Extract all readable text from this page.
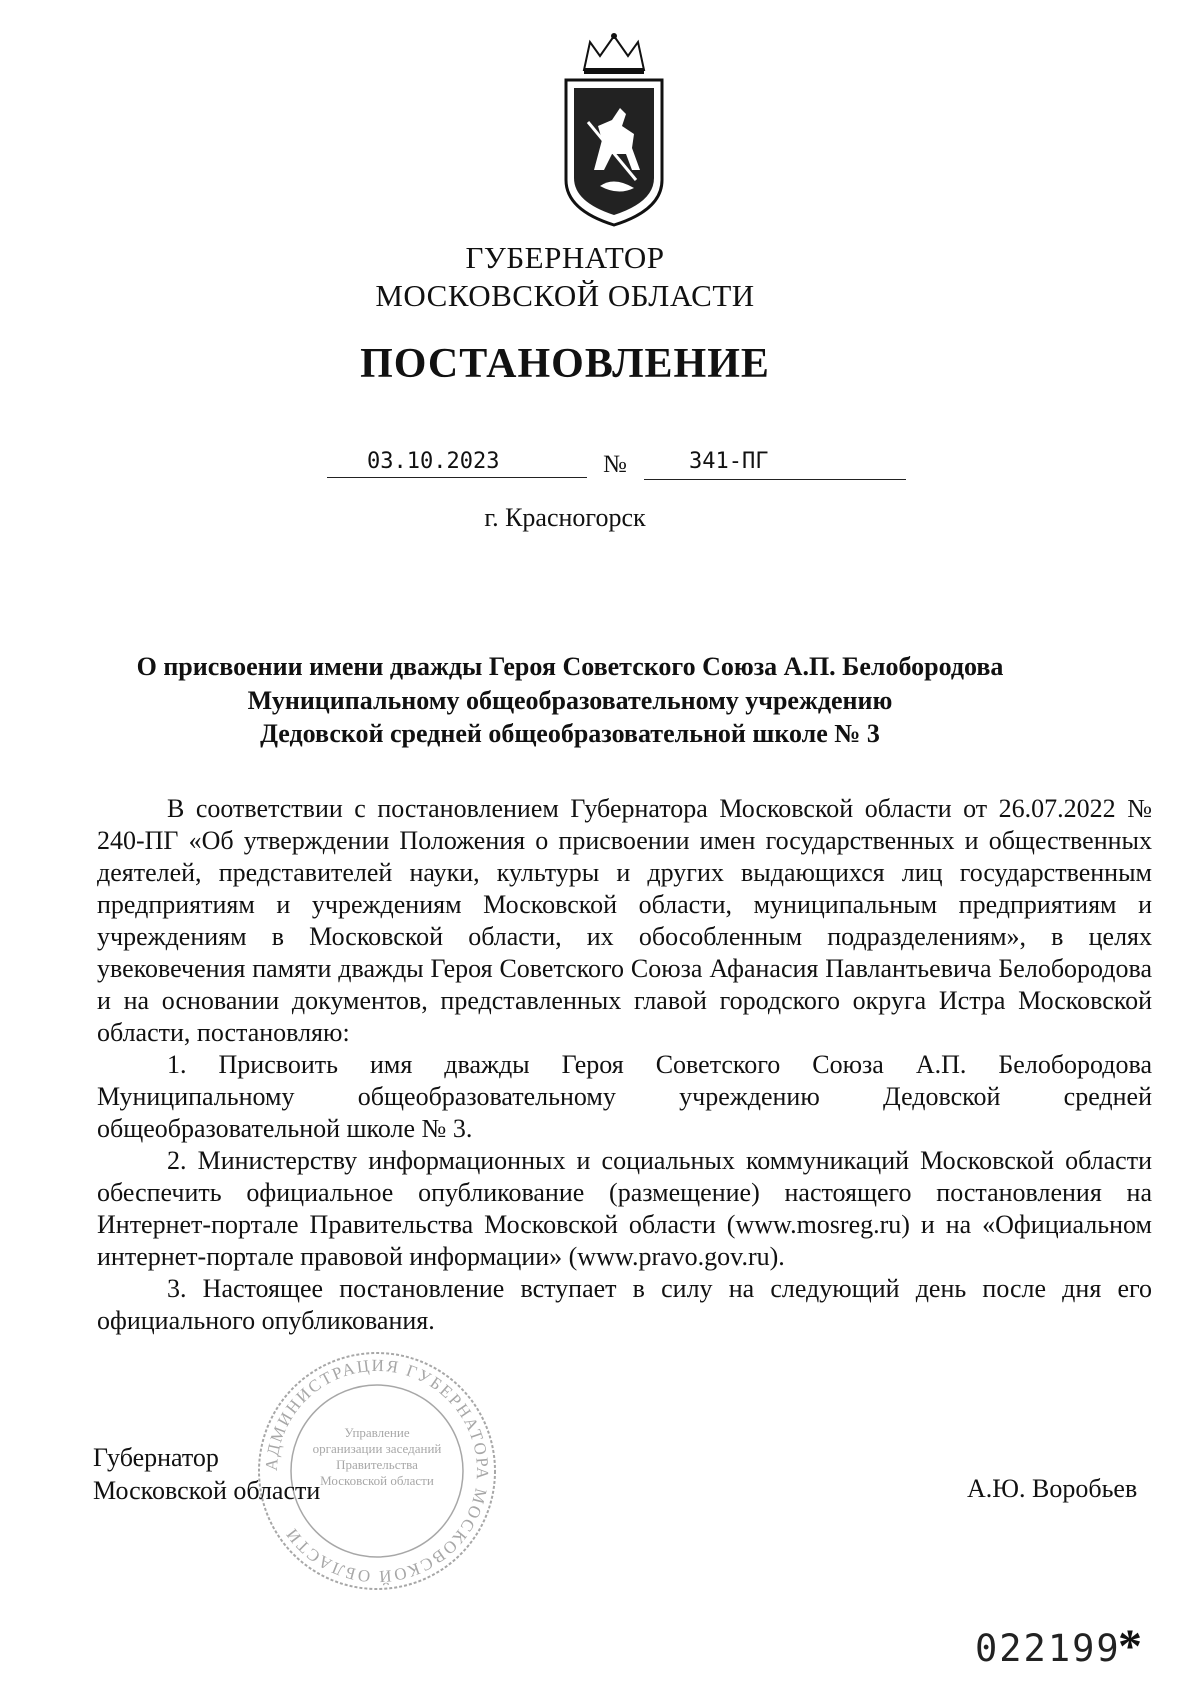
ГУБЕРНАТОР
МОСКОВСКОЙ ОБЛАСТИ
ПОСТАНОВЛЕНИЕ
03.10.2023	№	341-ПГ
г. Красногорск
О присвоении имени дважды Героя Советского Союза А.П. Белобородова
Муниципальному общеобразовательному учреждению
Дедовской средней общеобразовательной школе № 3

В соответствии с постановлением Губернатора Московской области от 26.07.2022 № 240-ПГ «Об утверждении Положения о присвоении имен государственных и общественных деятелей, представителей науки, культуры и других выдающихся лиц государственным предприятиям и учреждениям Московской области, муниципальным предприятиям и учреждениям в Московской области, их обособленным подразделениям», в целях увековечения памяти дважды Героя Советского Союза Афанасия Павлантьевича Белобородова и на основании документов, представленных главой городского округа Истра Московской области, постановляю:

1. Присвоить имя дважды Героя Советского Союза А.П. Белобородова Муниципальному общеобразовательному учреждению Дедовской средней общеобразовательной школе № 3.

2. Министерству информационных и социальных коммуникаций Московской области обеспечить официальное опубликование (размещение) настоящего постановления на Интернет-портале Правительства Московской области (www.mosreg.ru) и на «Официальном интернет-портале правовой информации» (www.pravo.gov.ru).

3. Настоящее постановление вступает в силу на следующий день после дня его официального опубликования.

АДМИНИСТРАЦИЯ ГУБЕРНАТОРА МОСКОВСКОЙ ОБЛАСТИ
Управление организации заседаний Правительства Московской области
Губернатор
Московской области	А.Ю. Воробьев
022199
*
